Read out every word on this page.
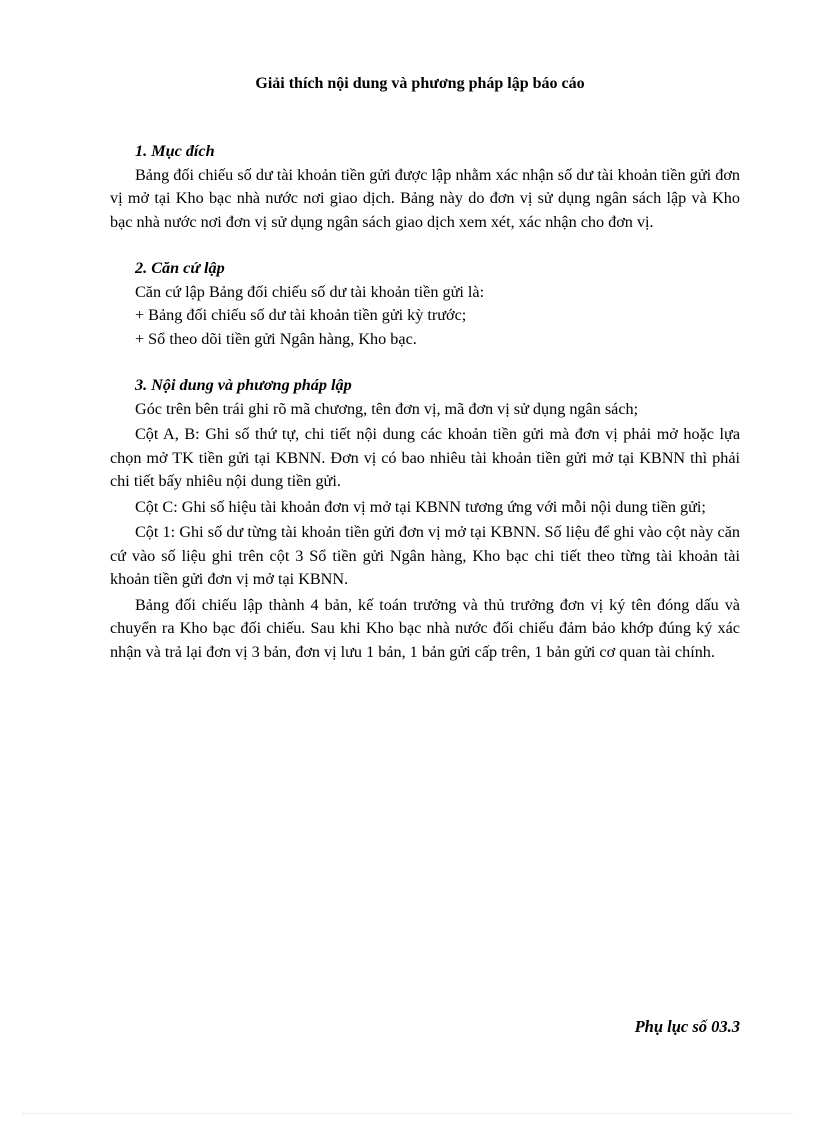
Giải thích nội dung và phương pháp lập báo cáo

1. Mục đích

Bảng đối chiếu số dư tài khoản tiền gửi được lập nhằm xác nhận số dư tài khoản tiền gửi đơn vị mở tại Kho bạc nhà nước nơi giao dịch. Bảng này do đơn vị sử dụng ngân sách lập và Kho bạc nhà nước nơi đơn vị sử dụng ngân sách giao dịch xem xét, xác nhận cho đơn vị.

2. Căn cứ lập

Căn cứ lập Bảng đối chiếu số dư tài khoản tiền gửi là:

+ Bảng đối chiếu số dư tài khoản tiền gửi kỳ trước;

+ Sổ theo dõi tiền gửi Ngân hàng, Kho bạc.

3. Nội dung và phương pháp lập

Góc trên bên trái ghi rõ mã chương, tên đơn vị, mã đơn vị sử dụng ngân sách;

Cột A, B: Ghi số thứ tự, chi tiết nội dung các khoản tiền gửi mà đơn vị phải mở hoặc lựa chọn mở TK tiền gửi tại KBNN. Đơn vị có bao nhiêu tài khoản tiền gửi mở tại KBNN thì phải chi tiết bấy nhiêu nội dung tiền gửi.

Cột C: Ghi số hiệu tài khoản đơn vị mở tại KBNN tương ứng với mỗi nội dung tiền gửi;

Cột 1: Ghi số dư từng tài khoản tiền gửi đơn vị mở tại KBNN. Số liệu để ghi vào cột này căn cứ vào số liệu ghi trên cột 3 Sổ tiền gửi Ngân hàng, Kho bạc chi tiết theo từng tài khoản tài khoản tiền gửi đơn vị mở tại KBNN.

Bảng đối chiếu lập thành 4 bản, kế toán trưởng và thủ trưởng đơn vị ký tên đóng dấu và chuyển ra Kho bạc đối chiếu. Sau khi Kho bạc nhà nước đối chiếu đảm bảo khớp đúng ký xác nhận và trả lại đơn vị 3 bản, đơn vị lưu 1 bản, 1 bản gửi cấp trên, 1 bản gửi cơ quan tài chính.

Phụ lục số 03.3
